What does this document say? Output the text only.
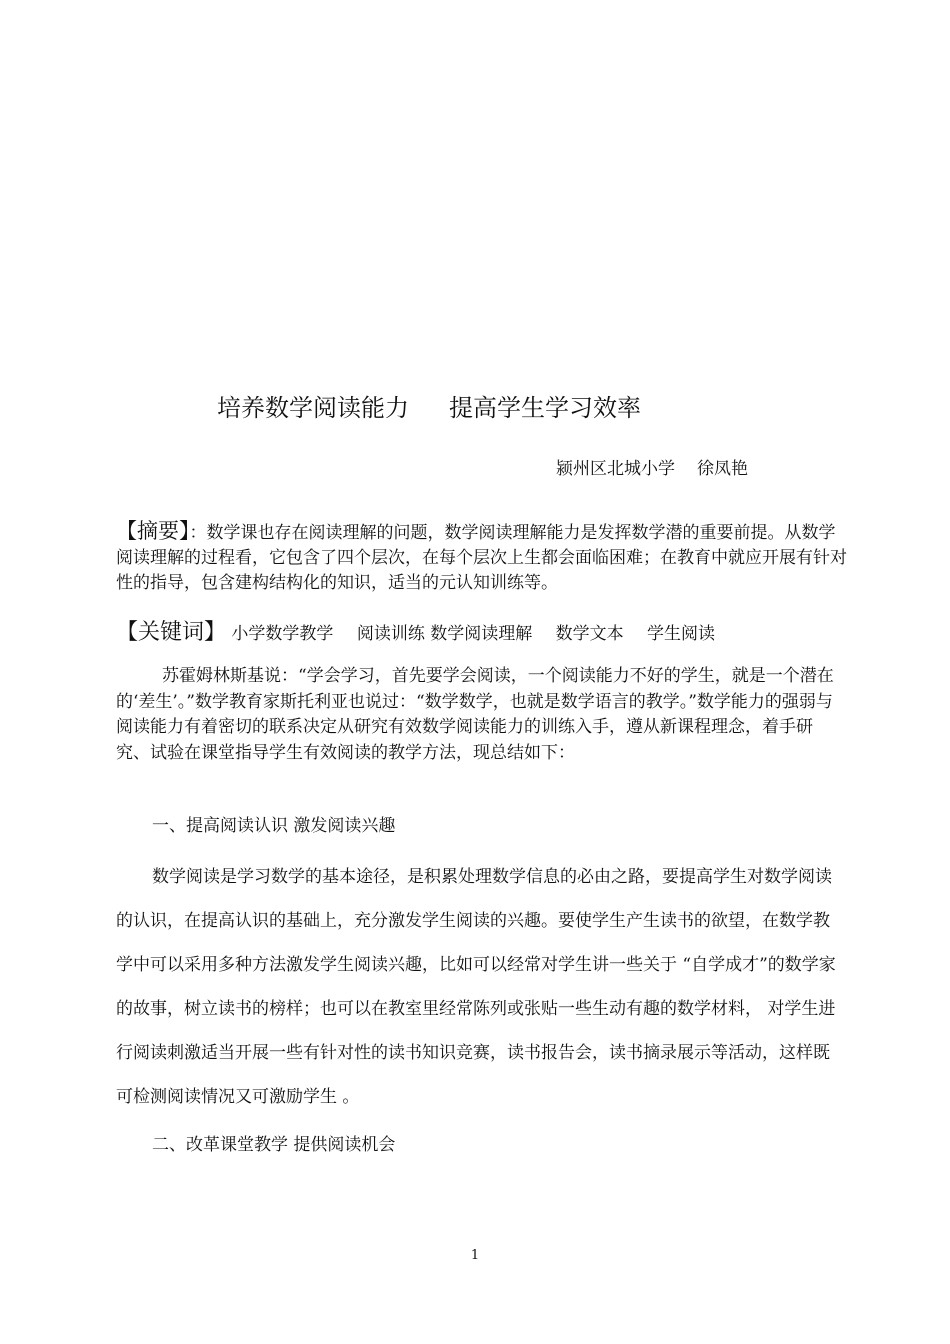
培养数学阅读能力 提高学生学习效率
颍州区北城小学 徐凤艳
【摘要】：数学课也存在阅读理解的问题，数学阅读理解能力是发挥数学潜的重要前提。从数学阅读理解的过程看，它包含了四个层次，在每个层次上生都会面临困难；在教育中就应开展有针对性的指导，包含建构结构化的知识，适当的元认知训练等。
【关键词】 小学数学教学 阅读训练 数学阅读理解 数学文本 学生阅读
苏霍姆林斯基说：“学会学习，首先要学会阅读，一个阅读能力不好的学生，就是一个潜在的‘差生’。”数学教育家斯托利亚也说过：“数学数学，也就是数学语言的教学。”数学能力的强弱与阅读能力有着密切的联系决定从研究有效数学阅读能力的训练入手，遵从新课程理念，着手研究、试验在课堂指导学生有效阅读的教学方法，现总结如下：
一、提高阅读认识 激发阅读兴趣
数学阅读是学习数学的基本途径，是积累处理数学信息的必由之路，要提高学生对数学阅读的认识，在提高认识的基础上，充分激发学生阅读的兴趣。要使学生产生读书的欲望，在数学教学中可以采用多种方法激发学生阅读兴趣，比如可以经常对学生讲一些关于 “自学成才”的数学家的故事，树立读书的榜样；也可以在教室里经常陈列或张贴一些生动有趣的数学材料， 对学生进行阅读刺激适当开展一些有针对性的读书知识竞赛，读书报告会，读书摘录展示等活动，这样既可检测阅读情况又可激励学生 。
二、改革课堂教学 提供阅读机会
1
